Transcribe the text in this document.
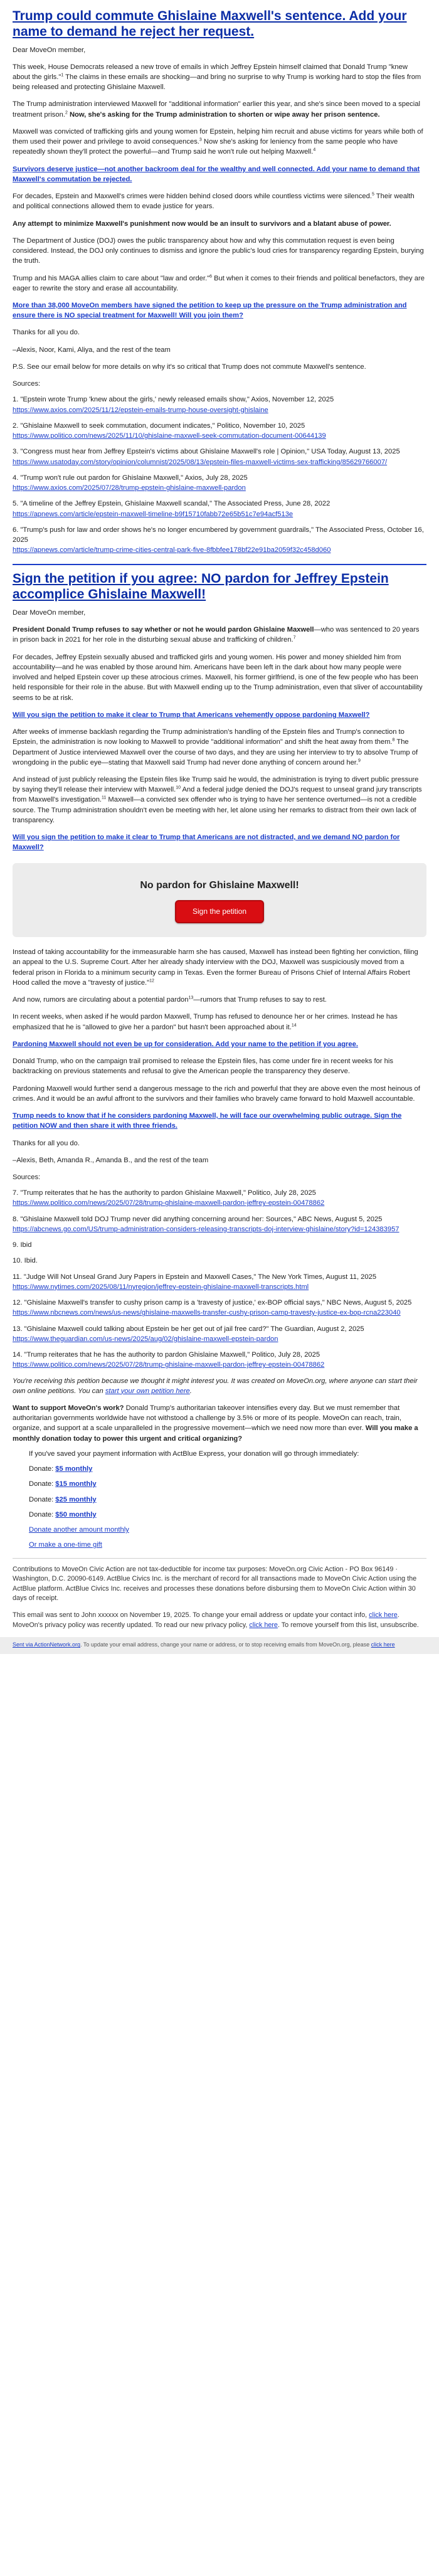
Trump could commute Ghislaine Maxwell's sentence. Add your name to demand he reject her request.

Dear MoveOn member,

This week, House Democrats released a new trove of emails in which Jeffrey Epstein himself claimed that Donald Trump "knew about the girls."$^1$ The claims in these emails are shocking—and bring no surprise to why Trump is working hard to stop the files from being released and protecting Ghislaine Maxwell.

The Trump administration interviewed Maxwell for "additional information" earlier this year, and she's since been moved to a special treatment prison.$^2$ Now, she's asking for the Trump administration to shorten or wipe away her prison sentence.

Maxwell was convicted of trafficking girls and young women for Epstein, helping him recruit and abuse victims for years while both of them used their power and privilege to avoid consequences.$^3$ Now she's asking for leniency from the same people who have repeatedly shown they'll protect the powerful—and Trump said he won't rule out helping Maxwell.$^4$

Survivors deserve justice—not another backroom deal for the wealthy and well connected. Add your name to demand that Maxwell's commutation be rejected.

For decades, Epstein and Maxwell's crimes were hidden behind closed doors while countless victims were silenced.$^5$ Their wealth and political connections allowed them to evade justice for years.

Any attempt to minimize Maxwell's punishment now would be an insult to survivors and a blatant abuse of power.

The Department of Justice (DOJ) owes the public transparency about how and why this commutation request is even being considered. Instead, the DOJ only continues to dismiss and ignore the public's loud cries for transparency regarding Epstein, burying the truth.

Trump and his MAGA allies claim to care about "law and order."$^6$ But when it comes to their friends and political benefactors, they are eager to rewrite the story and erase all accountability.

More than 38,000 MoveOn members have signed the petition to keep up the pressure on the Trump administration and ensure there is NO special treatment for Maxwell! Will you join them?

Thanks for all you do.

–Alexis, Noor, Kami, Aliya, and the rest of the team

P.S. See our email below for more details on why it's so critical that Trump does not commute Maxwell's sentence.

Sources:

1. "Epstein wrote Trump 'knew about the girls,' newly released emails show," Axios, November 12, 2025
https://www.axios.com/2025/11/12/epstein-emails-trump-house-oversight-ghislaine

2. "Ghislaine Maxwell to seek commutation, document indicates," Politico, November 10, 2025
https://www.politico.com/news/2025/11/10/ghislaine-maxwell-seek-commutation-document-00644139

3. "Congress must hear from Jeffrey Epstein's victims about Ghislaine Maxwell's role | Opinion," USA Today, August 13, 2025
https://www.usatoday.com/story/opinion/columnist/2025/08/13/epstein-files-maxwell-victims-sex-trafficking/85629766007/

4. "Trump won't rule out pardon for Ghislaine Maxwell," Axios, July 28, 2025
https://www.axios.com/2025/07/28/trump-epstein-ghislaine-maxwell-pardon

5. "A timeline of the Jeffrey Epstein, Ghislaine Maxwell scandal," The Associated Press, June 28, 2022
https://apnews.com/article/epstein-maxwell-timeline-b9f15710fabb72e65b51c7e94acf513e

6. "Trump's push for law and order shows he's no longer encumbered by government guardrails," The Associated Press, October 16, 2025
https://apnews.com/article/trump-crime-cities-central-park-five-8fbbfee178bf22e91ba2059f32c458d060

Sign the petition if you agree: NO pardon for Jeffrey Epstein accomplice Ghislaine Maxwell!

Dear MoveOn member,

President Donald Trump refuses to say whether or not he would pardon Ghislaine Maxwell—who was sentenced to 20 years in prison back in 2021 for her role in the disturbing sexual abuse and trafficking of children.$^7$

For decades, Jeffrey Epstein sexually abused and trafficked girls and young women. His power and money shielded him from accountability—and he was enabled by those around him. Americans have been left in the dark about how many people were involved and helped Epstein cover up these atrocious crimes. Maxwell, his former girlfriend, is one of the few people who has been held responsible for their role in the abuse. But with Maxwell ending up to the Trump administration, even that sliver of accountability seems to be at risk.

Will you sign the petition to make it clear to Trump that Americans vehemently oppose pardoning Maxwell?

After weeks of immense backlash regarding the Trump administration's handling of the Epstein files and Trump's connection to Epstein, the administration is now looking to Maxwell to provide "additional information" and shift the heat away from them.$^8$ The Department of Justice interviewed Maxwell over the course of two days, and they are using her interview to try to absolve Trump of wrongdoing in the public eye—stating that Maxwell said Trump had never done anything of concern around her.$^9$

And instead of just publicly releasing the Epstein files like Trump said he would, the administration is trying to divert public pressure by saying they'll release their interview with Maxwell.$^{10}$ And a federal judge denied the DOJ's request to unseal grand jury transcripts from Maxwell's investigation.$^{11}$ Maxwell—a convicted sex offender who is trying to have her sentence overturned—is not a credible source. The Trump administration shouldn't even be meeting with her, let alone using her remarks to distract from their own lack of transparency.

Will you sign the petition to make it clear to Trump that Americans are not distracted, and we demand NO pardon for Maxwell?

No pardon for Ghislaine Maxwell!
Sign the petition

Instead of taking accountability for the immeasurable harm she has caused, Maxwell has instead been fighting her conviction, filing an appeal to the U.S. Supreme Court. After her already shady interview with the DOJ, Maxwell was suspiciously moved from a federal prison in Florida to a minimum security camp in Texas. Even the former Bureau of Prisons Chief of Internal Affairs Robert Hood called the move a "travesty of justice."$^{12}$

And now, rumors are circulating about a potential pardon$^{13}$—rumors that Trump refuses to say to rest.

In recent weeks, when asked if he would pardon Maxwell, Trump has refused to denounce her or her crimes. Instead he has emphasized that he is "allowed to give her a pardon" but hasn't been approached about it.$^{14}$

Pardoning Maxwell should not even be up for consideration. Add your name to the petition if you agree.

Donald Trump, who on the campaign trail promised to release the Epstein files, has come under fire in recent weeks for his backtracking on previous statements and refusal to give the American people the transparency they deserve.

Pardoning Maxwell would further send a dangerous message to the rich and powerful that they are above even the most heinous of crimes. And it would be an awful affront to the survivors and their families who bravely came forward to hold Maxwell accountable.

Trump needs to know that if he considers pardoning Maxwell, he will face our overwhelming public outrage. Sign the petition NOW and then share it with three friends.

Thanks for all you do.

–Alexis, Beth, Amanda R., Amanda B., and the rest of the team

Sources:

7. "Trump reiterates that he has the authority to pardon Ghislaine Maxwell," Politico, July 28, 2025
https://www.politico.com/news/2025/07/28/trump-ghislaine-maxwell-pardon-jeffrey-epstein-00478862

8. "Ghislaine Maxwell told DOJ Trump never did anything concerning around her: Sources," ABC News, August 5, 2025
https://abcnews.go.com/US/trump-administration-considers-releasing-transcripts-doj-interview-ghislaine/story?id=124383957

9. Ibid

10. Ibid.

11. "Judge Will Not Unseal Grand Jury Papers in Epstein and Maxwell Cases," The New York Times, August 11, 2025
https://www.nytimes.com/2025/08/11/nyregion/jeffrey-epstein-ghislaine-maxwell-transcripts.html

12. "Ghislaine Maxwell's transfer to cushy prison camp is a 'travesty of justice,' ex-BOP official says," NBC News, August 5, 2025
https://www.nbcnews.com/news/us-news/ghislaine-maxwells-transfer-cushy-prison-camp-travesty-justice-ex-bop-rcna223040

13. "Ghislaine Maxwell could talking about Epstein be her get out of jail free card?" The Guardian, August 2, 2025
https://www.theguardian.com/us-news/2025/aug/02/ghislaine-maxwell-epstein-pardon

14. "Trump reiterates that he has the authority to pardon Ghislaine Maxwell," Politico, July 28, 2025
https://www.politico.com/news/2025/07/28/trump-ghislaine-maxwell-pardon-jeffrey-epstein-00478862

You're receiving this petition because we thought it might interest you. It was created on MoveOn.org, where anyone can start their own online petitions. You can start your own petition here.

Want to support MoveOn's work? Donald Trump's authoritarian takeover intensifies every day. But we must remember that authoritarian governments worldwide have not withstood a challenge by 3.5% or more of its people. MoveOn can reach, train, organize, and support at a scale unparalleled in the progressive movement—which we need now more than ever. Will you make a monthly donation today to power this urgent and critical organizing?

If you've saved your payment information with ActBlue Express, your donation will go through immediately:

Donate: $5 monthly

Donate: $15 monthly

Donate: $25 monthly

Donate: $50 monthly

Donate another amount monthly

Or make a one-time gift

Contributions to MoveOn Civic Action are not tax-deductible for income tax purposes: MoveOn.org Civic Action - PO Box 96149 · Washington, D.C. 20090-6149. ActBlue Civics Inc. is the merchant of record for all transactions made to MoveOn Civic Action using the ActBlue platform. ActBlue Civics Inc. receives and processes these donations before disbursing them to MoveOn Civic Action within 30 days of receipt.

This email was sent to John xxxxxx on November 19, 2025. To change your email address or update your contact info, click here. MoveOn's privacy policy was recently updated. To read our new privacy policy, click here. To remove yourself from this list, unsubscribe.

Sent via ActionNetwork.org. To update your email address, change your name or address, or to stop receiving emails from MoveOn.org, please click here
